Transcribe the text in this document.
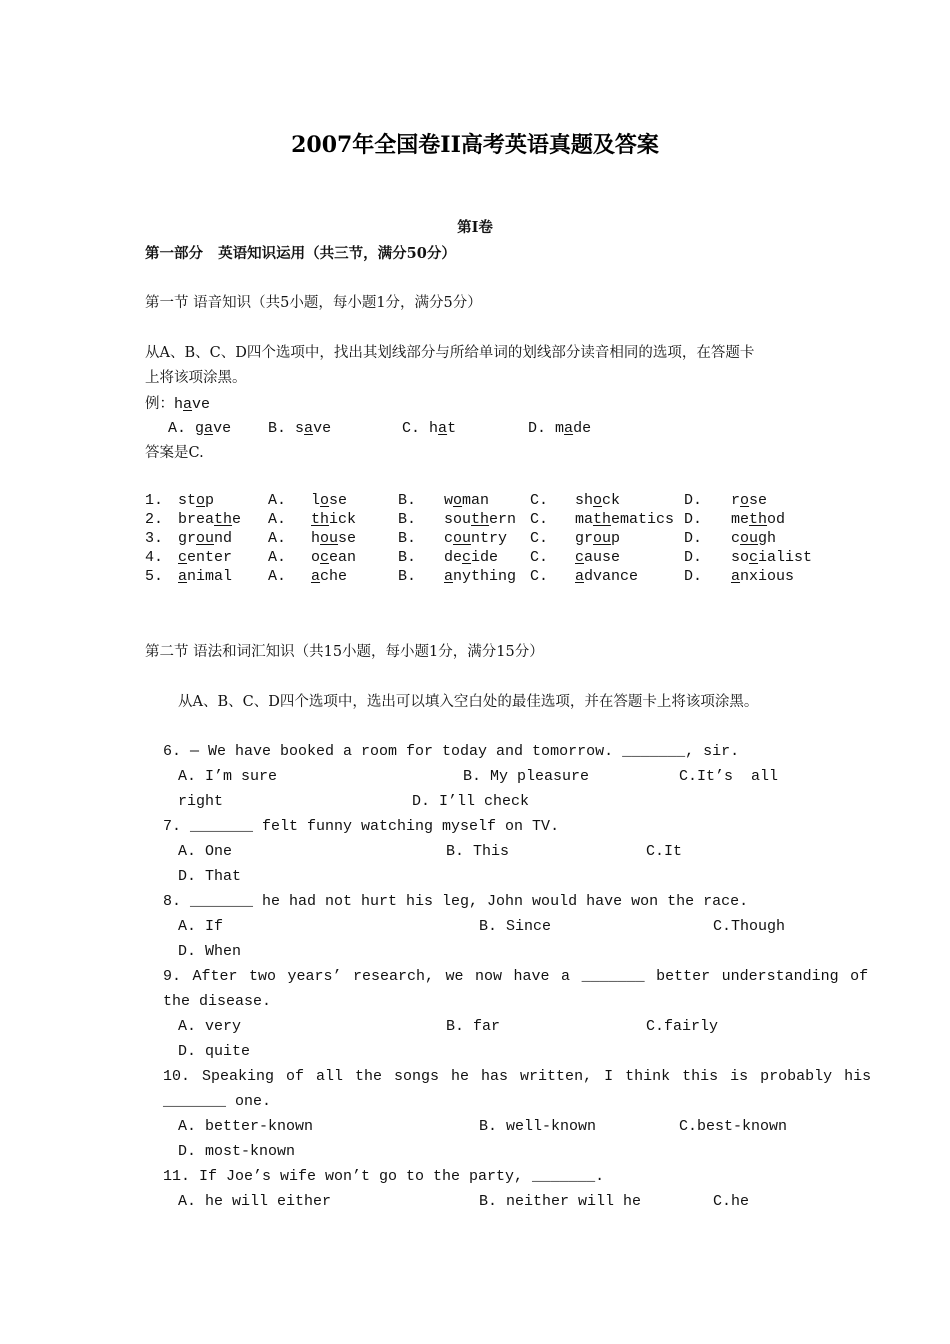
2007年全国卷II高考英语真题及答案
第I卷
第一部分   英语知识运用（共三节，满分50分）
第一节 语音知识（共5小题，每小题1分，满分5分）
从A、B、C、D四个选项中，找出其划线部分与所给单词的划线部分读音相同的选项，在答题卡
上将该项涂黑。
例：have
A. gave B. save	C. hat	D. made
答案是C.
1. stop	A. lose	B. woman	C. shock	D. rose
2. breathe A. thick	B. southern C. mathematics D. method
3. ground A. house	B. country C. group	D. cough
4. center A. ocean	B. decide C. cause	D. socialist
5. animal A. ache	B. anything C. advance	D. anxious
第二节 语法和词汇知识（共15小题，每小题1分，满分15分）
从A、B、C、D四个选项中，选出可以填入空白处的最佳选项，并在答题卡上将该项涂黑。
6. — We have booked a room for today and tomorrow. _______, sir.
A. I’m sure	B. My pleasure	C.It’s  all
right	D. I’ll check
7. _______ felt funny watching myself on TV.
A. One	B. This	C.It
D. That
8. _______ he had not hurt his leg, John would have won the race.
A. If	B. Since	C.Though
D. When
9. After two years’ research, we now have a _______ better understanding of
the disease.
A. very	B. far	C.fairly
D. quite
10. Speaking of all the songs he has written, I think this is probably his
_______ one.
A. better-known	B. well-known	C.best-known
D. most-known
11. If Joe’s wife won’t go to the party, _______.
A. he will either	B. neither will he	C.he
